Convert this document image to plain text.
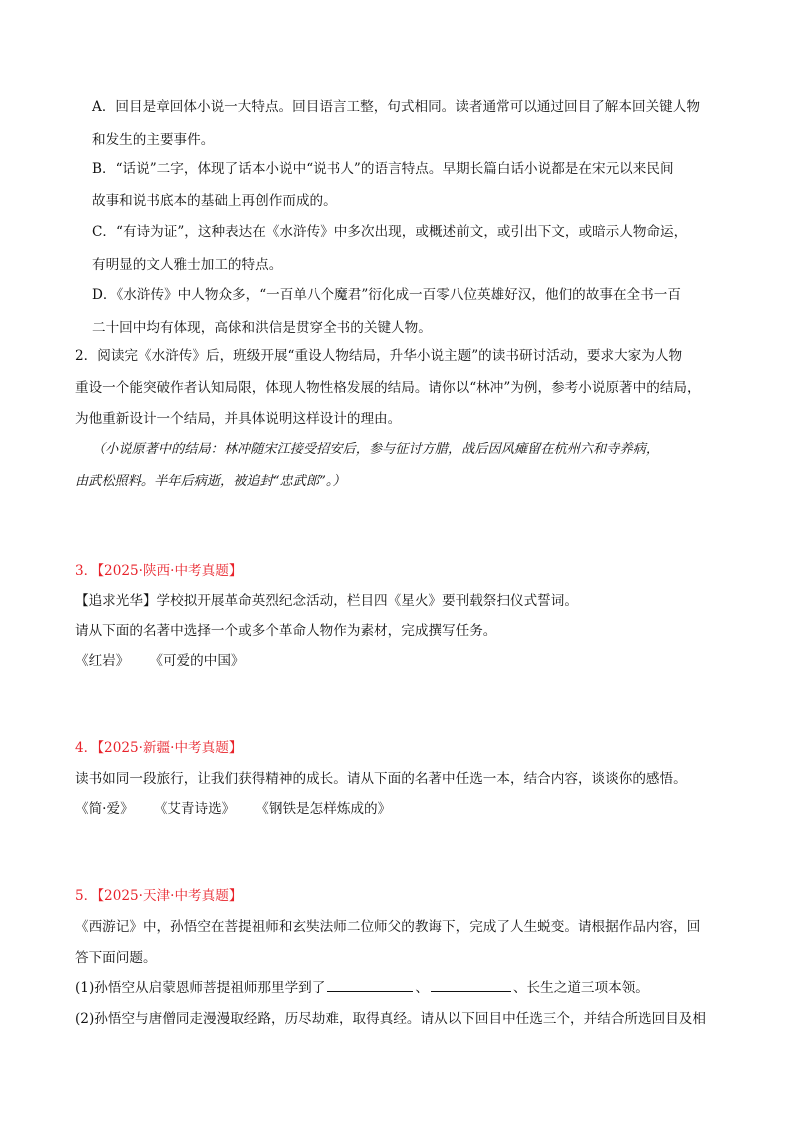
A．回目是章回体小说一大特点。回目语言工整，句式相同。读者通常可以通过回目了解本回关键人物
和发生的主要事件。
B．“话说”二字，体现了话本小说中“说书人”的语言特点。早期长篇白话小说都是在宋元以来民间
故事和说书底本的基础上再创作而成的。
C．“有诗为证”，这种表达在《水浒传》中多次出现，或概述前文，或引出下文，或暗示人物命运，
有明显的文人雅士加工的特点。
D．《水浒传》中人物众多，“一百单八个魔君”衍化成一百零八位英雄好汉，他们的故事在全书一百
二十回中均有体现，高俅和洪信是贯穿全书的关键人物。
2．阅读完《水浒传》后，班级开展“重设人物结局，升华小说主题”的读书研讨活动，要求大家为人物
重设一个能突破作者认知局限，体现人物性格发展的结局。请你以“林冲”为例，参考小说原著中的结局，
为他重新设计一个结局，并具体说明这样设计的理由。
（小说原著中的结局：林冲随宋江接受招安后，参与征讨方腊，战后因风瘫留在杭州六和寺养病，
由武松照料。半年后病逝，被追封“忠武郎”。）
3．【2025·陕西·中考真题】
【追求光华】学校拟开展革命英烈纪念活动，栏目四《星火》要刊载祭扫仪式誓词。
请从下面的名著中选择一个或多个革命人物作为素材，完成撰写任务。
《红岩》 《可爱的中国》
4．【2025·新疆·中考真题】
读书如同一段旅行，让我们获得精神的成长。请从下面的名著中任选一本，结合内容，谈谈你的感悟。
《简·爱》 《艾青诗选》 《钢铁是怎样炼成的》
5．【2025·天津·中考真题】
《西游记》中，孙悟空在菩提祖师和玄奘法师二位师父的教诲下，完成了人生蜕变。请根据作品内容，回
答下面问题。
(1)孙悟空从启蒙恩师菩提祖师那里学到了	、	、长生之道三项本领。
(2)孙悟空与唐僧同走漫漫取经路，历尽劫难，取得真经。请从以下回目中任选三个，并结合所选回目及相
